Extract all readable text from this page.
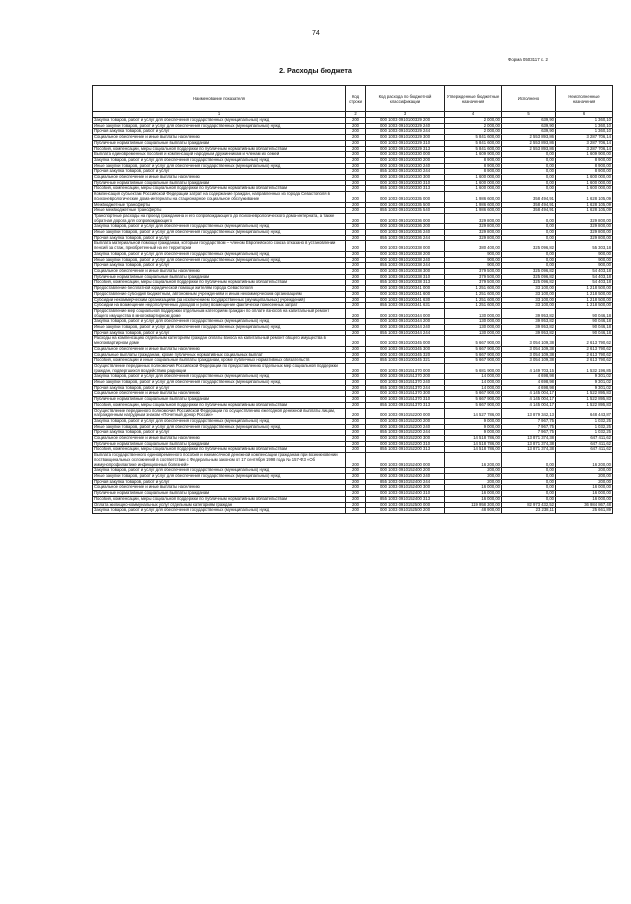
74
Форма 0503117 с. 2
2. Расходы бюджета
Наименование показателя	Код строки	Код расхода по бюджетной классификации	Утвержденные бюджетные назначения	Исполнено	Неисполненные назначения
1	2	3	4	5	6
Закупка товаров, работ и услуг для обеспечения государственных (муниципальных) нужд	200	000 1003 0910100329 200	2 000,00	639,90	1 360,10
Иные закупки товаров, работ и услуг для обеспечения государственных (муниципальных) нужд	200	000 1003 0910100329 240	2 000,00	639,90	1 360,10
Прочая закупка товаров, работ и услуг	200	000 1003 0910100329 244	2 000,00	639,90	1 360,10
Социальное обеспечение и иные выплаты населению	200	000 1003 0910100329 300	5 841 600,00	2 553 893,86	3 287 706,14
Публичные нормативные социальные выплаты гражданам	200	000 1003 0910100329 310	5 841 600,00	2 553 893,86	3 287 706,14
Пособия, компенсации, меры социальной поддержки по публичным нормативным обязательствам	200	000 1003 0910100329 313	5 841 600,00	2 553 893,86	3 287 706,14
Выплата единовременных пособий и компенсаций народным дружинникам и членам их семей	200	000 1003 0910100330 000	1 609 900,00	0,00	1 609 900,00
Закупка товаров, работ и услуг для обеспечения государственных (муниципальных) нужд	200	000 1003 0910100330 200	8 900,00	0,00	8 900,00
Иные закупки товаров, работ и услуг для обеспечения государственных (муниципальных) нужд	200	000 1003 0910100330 240	8 900,00	0,00	8 900,00
Прочая закупка товаров, работ и услуг	200	855 1003 0910100330 244	8 900,00	0,00	8 900,00
Социальное обеспечение и иные выплаты населению	200	000 1003 0910100330 300	1 600 000,00	0,00	1 600 000,00
Публичные нормативные социальные выплаты гражданам	200	000 1003 0910100330 310	1 600 000,00	0,00	1 600 000,00
Пособия, компенсации, меры социальной поддержки по публичным нормативным обязательствам	200	855 1003 0910100330 313	1 600 000,00	0,00	1 600 000,00
Компенсация субъектам Российской Федерации затрат на содержание граждан, направленных из города Севастополя в психоневрологические дома-интернаты на стационарное социальное обслуживание	200	000 1003 0910100335 000	1 986 600,00	358 494,91	1 628 105,09
Межбюджетные трансферты	200	000 1003 0910100335 500	1 986 600,00	358 494,91	1 628 105,09
Иные межбюджетные трансферты	200	855 1003 0910100335 540	1 986 600,00	358 494,91	1 628 105,09
Транспортные расходы на проезд гражданина и его сопровождающего до психоневрологического дома-интерната, а также обратная дорога для сопровождающего	200	000 1003 0910100336 000	329 800,00	0,00	329 800,00
Закупка товаров, работ и услуг для обеспечения государственных (муниципальных) нужд	200	000 1003 0910100336 200	329 800,00	0,00	329 800,00
Иные закупки товаров, работ и услуг для обеспечения государственных (муниципальных) нужд	200	000 1003 0910100336 240	329 800,00	0,00	329 800,00
Прочая закупка товаров, работ и услуг	200	855 1003 0910100336 244	329 800,00	0,00	329 800,00
Выплата материальной помощи гражданам, которым государством – членом Европейского союза отказано в установлении пенсий за стаж, приобретенный на ее территории	200	000 1003 0910100338 000	380 400,00	325 096,82	55 303,18
Закупка товаров, работ и услуг для обеспечения государственных (муниципальных) нужд	200	000 1003 0910100338 200	900,00	0,00	900,00
Иные закупки товаров, работ и услуг для обеспечения государственных (муниципальных) нужд	200	000 1003 0910100338 240	900,00	0,00	900,00
Прочая закупка товаров, работ и услуг	200	855 1003 0910100338 244	900,00	0,00	900,00
Социальное обеспечение и иные выплаты населению	200	000 1003 0910100338 300	379 500,00	325 096,82	54 403,18
Публичные нормативные социальные выплаты гражданам	200	000 1003 0910100338 310	379 500,00	325 096,82	54 403,18
Пособия, компенсации, меры социальной поддержки по публичным нормативным обязательствам	200	855 1003 0910100338 313	379 500,00	325 096,82	54 403,18
Предоставление бесплатной юридической помощи жителям города Севастополя	200	000 1003 0910100341 000	1 251 600,00	33 100,00	1 218 500,00
Предоставление субсидий бюджетным, автономным учреждениям и иным некоммерческим организациям	200	000 1003 0910100341 600	1 251 600,00	33 100,00	1 218 500,00
Субсидии некоммерческим организациям (за исключением государственных (муниципальных) учреждений)	200	000 1003 0910100341 630	1 251 600,00	33 100,00	1 218 500,00
Субсидии на возмещение недополученных доходов и (или) возмещение фактически понесенных затрат	200	855 1003 0910100341 631	1 251 600,00	33 100,00	1 218 500,00
Предоставление мер социальной поддержки отдельным категориям граждан по оплате взносов на капитальный ремонт общего имущества в многоквартирном доме	200	000 1003 0910100344 000	130 000,00	39 953,82	90 046,18
Закупка товаров, работ и услуг для обеспечения государственных (муниципальных) нужд	200	000 1003 0910100344 200	130 000,00	39 953,82	90 046,18
Иные закупки товаров, работ и услуг для обеспечения государственных (муниципальных) нужд	200	000 1003 0910100344 240	130 000,00	39 953,82	90 046,18
Прочая закупка товаров, работ и услуг	200	855 1003 0910100344 244	130 000,00	39 953,82	90 046,18
Расходы на компенсацию отдельным категориям граждан оплаты взноса на капитальный ремонт общего имущества в многоквартирном доме	200	000 1003 0910100345 000	5 667 900,00	3 054 109,38	2 613 790,62
Социальное обеспечение и иные выплаты населению	200	000 1003 0910100345 300	5 667 900,00	3 054 109,38	2 613 790,62
Социальные выплаты гражданам, кроме публичных нормативных социальных выплат	200	000 1003 0910100345 320	5 667 900,00	3 054 109,38	2 613 790,62
Пособия, компенсации и иные социальные выплаты гражданам, кроме публичных нормативных обязательств	200	855 1003 0910100345 321	5 667 900,00	3 054 109,38	2 613 790,62
Осуществление переданных полномочий Российской Федерации по предоставлению отдельных мер социальной поддержки граждан, подвергшихся воздействию радиации	200	000 1003 0910151370 000	5 681 900,00	4 149 703,15	1 532 196,85
Закупка товаров, работ и услуг для обеспечения государственных (муниципальных) нужд	200	000 1003 0910151370 200	14 000,00	4 698,98	9 301,02
Иные закупки товаров, работ и услуг для обеспечения государственных (муниципальных) нужд	200	000 1003 0910151370 240	14 000,00	4 698,98	9 301,02
Прочая закупка товаров, работ и услуг	200	855 1003 0910151370 244	14 000,00	4 698,98	9 301,02
Социальное обеспечение и иные выплаты населению	200	000 1003 0910151370 300	5 667 900,00	4 145 004,17	1 522 895,83
Публичные нормативные социальные выплаты гражданам	200	000 1003 0910151370 310	5 667 900,00	4 145 004,17	1 522 895,83
Пособия, компенсации, меры социальной поддержки по публичным нормативным обязательствам	200	855 1003 0910151370 313	5 667 900,00	4 145 004,17	1 522 895,83
Осуществление переданного полномочия Российской Федерации по осуществлению ежегодной денежной выплаты лицам, награжденным нагрудным знаком «Почетный донор России»	200	000 1003 0910152200 000	14 527 786,00	13 879 342,13	648 443,87
Закупка товаров, работ и услуг для обеспечения государственных (муниципальных) нужд	200	000 1003 0910152200 200	9 000,00	7 967,75	1 032,25
Иные закупки товаров, работ и услуг для обеспечения государственных (муниципальных) нужд	200	000 1003 0910152200 240	9 000,00	7 967,75	1 032,25
Прочая закупка товаров, работ и услуг	200	855 1003 0910152200 244	9 000,00	7 967,75	1 032,25
Социальное обеспечение и иные выплаты населению	200	000 1003 0910152200 300	14 518 786,00	13 871 374,38	647 411,62
Публичные нормативные социальные выплаты гражданам	200	000 1003 0910152200 310	14 518 786,00	13 871 374,38	647 411,62
Пособия, компенсации, меры социальной поддержки по публичным нормативным обязательствам	200	855 1003 0910152200 313	14 518 786,00	13 871 374,38	647 411,62
Выплата государственного единовременного пособия и ежемесячной денежной компенсации гражданам при возникновении поствакцинальных осложнений в соответствии с Федеральным законом от 17 сентября 1998 года № 157-ФЗ «Об иммунопрофилактике инфекционных болезней»	200	000 1003 0910152400 000	16 200,00	0,00	16 200,00
Закупка товаров, работ и услуг для обеспечения государственных (муниципальных) нужд	200	000 1003 0910152400 200	200,00	0,00	200,00
Иные закупки товаров, работ и услуг для обеспечения государственных (муниципальных) нужд	200	000 1003 0910152400 240	200,00	0,00	200,00
Прочая закупка товаров, работ и услуг	200	855 1003 0910152400 244	200,00	0,00	200,00
Социальное обеспечение и иные выплаты населению	200	000 1003 0910152400 300	16 000,00	0,00	16 000,00
Публичные нормативные социальные выплаты гражданам	200	000 1003 0910152400 310	16 000,00	0,00	16 000,00
Пособия, компенсации, меры социальной поддержки по публичным нормативным обязательствам	200	855 1003 0910152400 313	16 000,00	0,00	16 000,00
Оплата жилищно-коммунальных услуг отдельным категориям граждан	200	000 1003 0910152500 000	119 958 300,00	82 973 432,52	36 984 867,48
Закупка товаров, работ и услуг для обеспечения государственных (муниципальных) нужд	200	000 1003 0910152500 200	48 900,00	23 238,11	25 661,89
